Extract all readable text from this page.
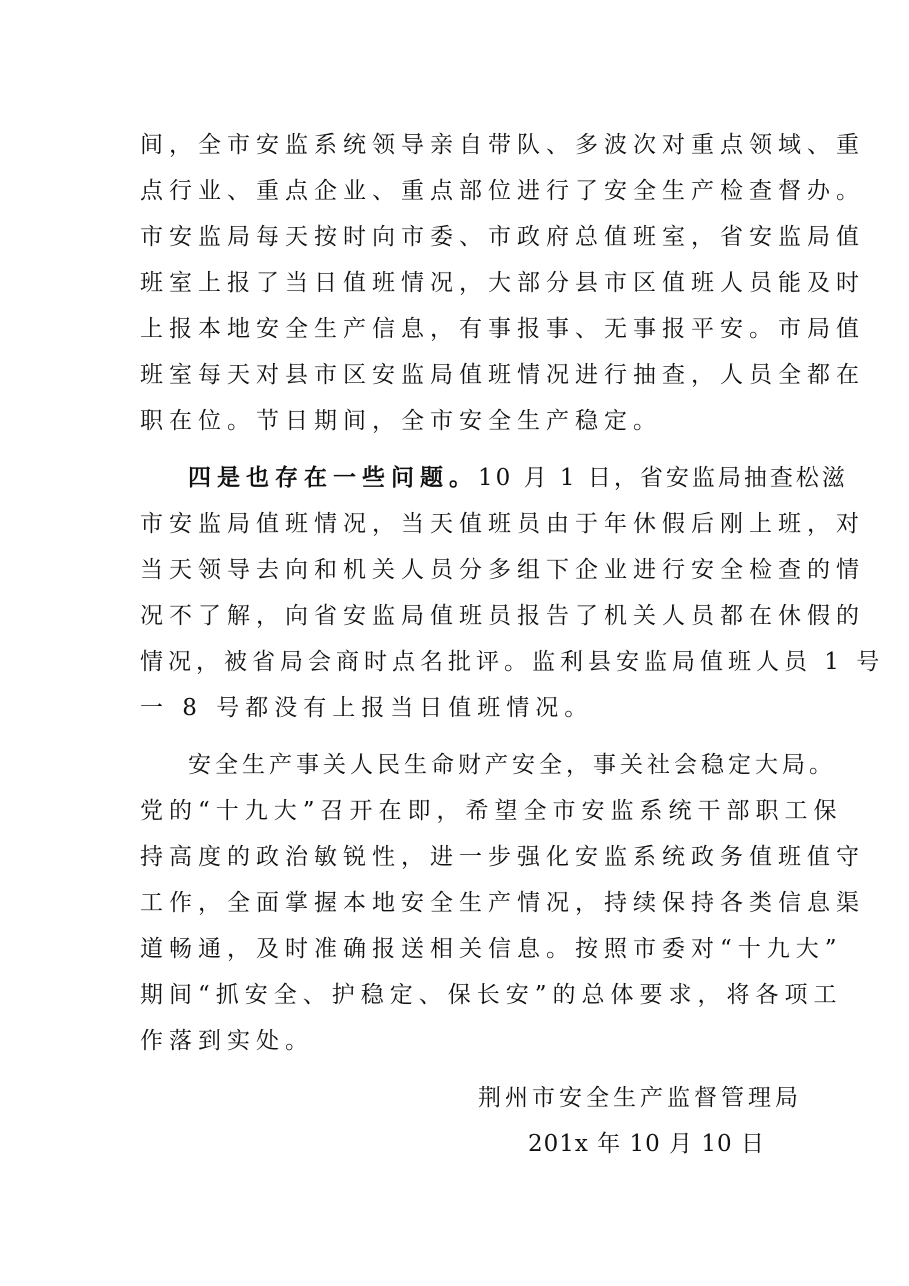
间，全市安监系统领导亲自带队、多波次对重点领域、重
点行业、重点企业、重点部位进行了安全生产检查督办。
市安监局每天按时向市委、市政府总值班室，省安监局值
班室上报了当日值班情况，大部分县市区值班人员能及时
上报本地安全生产信息，有事报事、无事报平安。市局值
班室每天对县市区安监局值班情况进行抽查，人员全都在
职在位。节日期间，全市安全生产稳定。
四是也存在一些问题。10 月 1 日，省安监局抽查松滋
市安监局值班情况，当天值班员由于年休假后刚上班，对
当天领导去向和机关人员分多组下企业进行安全检查的情
况不了解，向省安监局值班员报告了机关人员都在休假的
情况，被省局会商时点名批评。监利县安监局值班人员 1 号
一 8 号都没有上报当日值班情况。
安全生产事关人民生命财产安全，事关社会稳定大局。
党的“十九大”召开在即，希望全市安监系统干部职工保
持高度的政治敏锐性，进一步强化安监系统政务值班值守
工作，全面掌握本地安全生产情况，持续保持各类信息渠
道畅通，及时准确报送相关信息。按照市委对“十九大”
期间“抓安全、护稳定、保长安”的总体要求，将各项工
作落到实处。
荆州市安全生产监督管理局
201x 年 10 月 10 日
